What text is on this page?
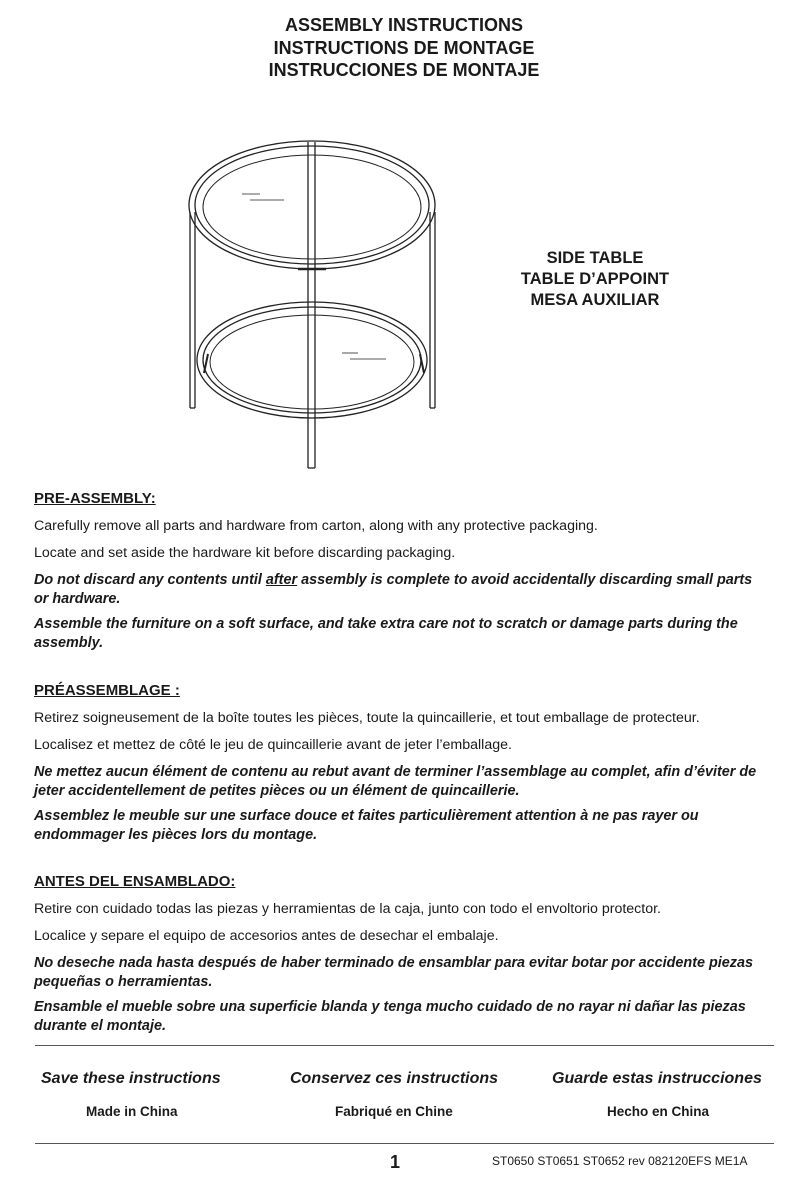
ASSEMBLY INSTRUCTIONS
INSTRUCTIONS DE MONTAGE
INSTRUCCIONES DE MONTAJE
SIDE TABLE
TABLE D’APPOINT
MESA AUXILIAR
PRE-ASSEMBLY:
Carefully remove all parts and hardware from carton, along with any protective packaging.
Locate and set aside the hardware kit before discarding packaging.
Do not discard any contents until after assembly is complete to avoid accidentally discarding small parts or hardware.
Assemble the furniture on a soft surface, and take extra care not to scratch or damage parts during the assembly.
PRÉASSEMBLAGE :
Retirez soigneusement de la boîte toutes les pièces, toute la quincaillerie, et tout emballage de protecteur.
Localisez et mettez de côté le jeu de quincaillerie avant de jeter l’emballage.
Ne mettez aucun élément de contenu au rebut avant de terminer l’assemblage au complet, afin d’éviter de jeter accidentellement de petites pièces ou un élément de quincaillerie.
Assemblez le meuble sur une surface douce et faites particulièrement attention à ne pas rayer ou endommager les pièces lors du montage.
ANTES DEL ENSAMBLADO:
Retire con cuidado todas las piezas y herramientas de la caja, junto con todo el envoltorio protector.
Localice y separe el equipo de accesorios antes de desechar el embalaje.
No deseche nada hasta después de haber terminado de ensamblar para evitar botar por accidente piezas pequeñas o herramientas.
Ensamble el mueble sobre una superficie blanda y tenga mucho cuidado de no rayar ni dañar las piezas durante el montaje.
Save these instructions	Conservez ces instructions	Guarde estas instrucciones
Made in China	Fabriqué en Chine	Hecho en China
1	ST0650 ST0651 ST0652 rev 082120EFS ME1A
